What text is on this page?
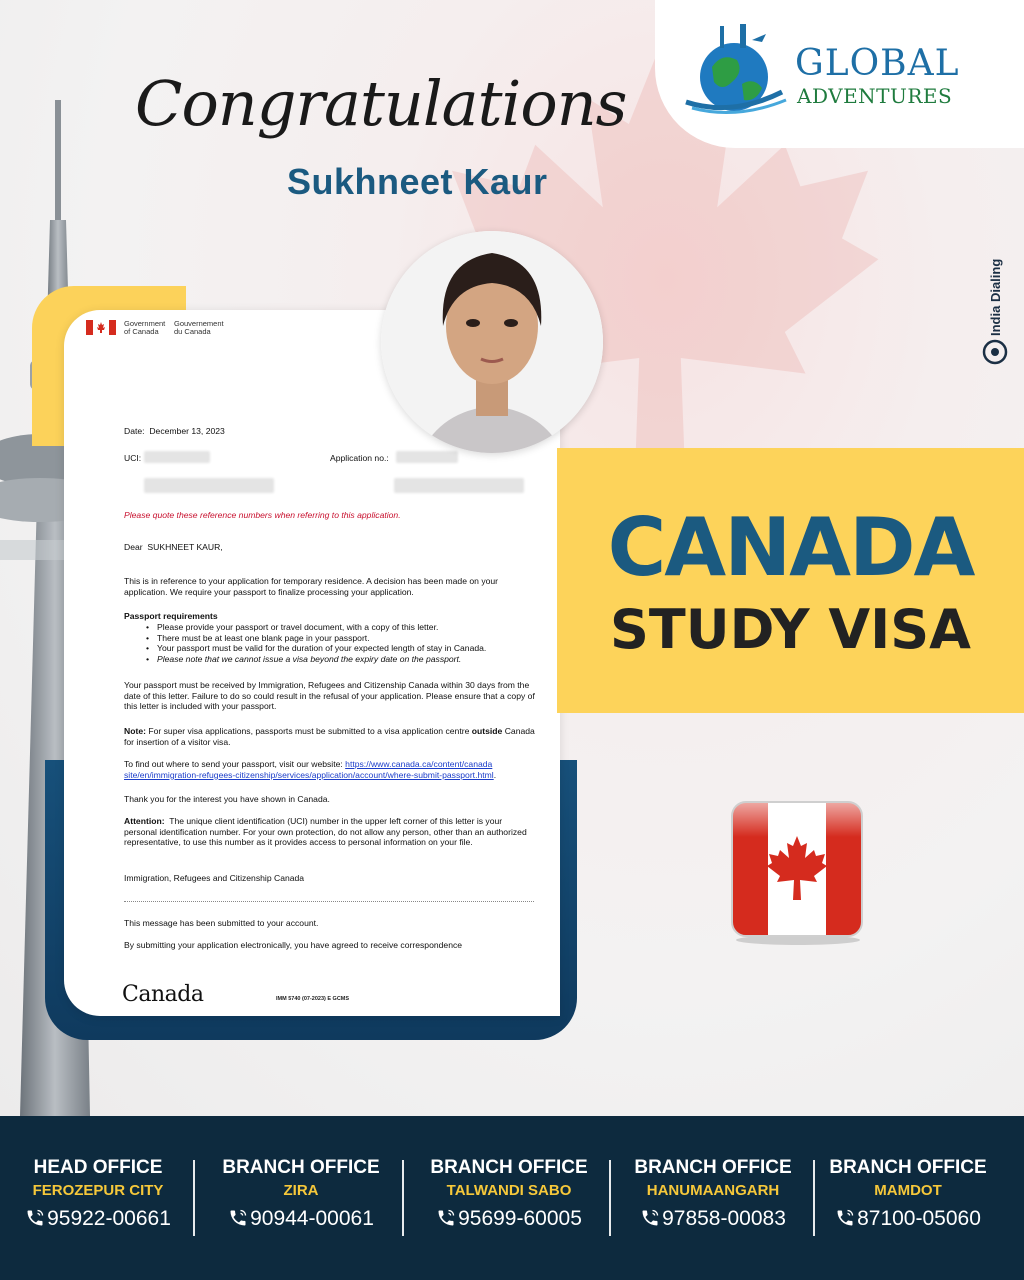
GLOBAL
ADVENTURES
Congratulations
Sukhneet Kaur
India Dialing
Government
of Canada
Gouvernement
du Canada
Date: December 13, 2023
UCI:	Application no.:
Please quote these reference numbers when referring to this application.
Dear SUKHNEET KAUR,
This is in reference to your application for temporary residence. A decision has been made on your application. We require your passport to finalize processing your application.
Passport requirements
• Please provide your passport or travel document, with a copy of this letter.
• There must be at least one blank page in your passport.
• Your passport must be valid for the duration of your expected length of stay in Canada.
• Please note that we cannot issue a visa beyond the expiry date on the passport.
Your passport must be received by Immigration, Refugees and Citizenship Canada within 30 days from the date of this letter. Failure to do so could result in the refusal of your application. Please ensure that a copy of this letter is included with your passport.
Note: For super visa applications, passports must be submitted to a visa application centre outside Canada for insertion of a visitor visa.
To find out where to send your passport, visit our website: https://www.canada.ca/content/canada
site/en/immigration-refugees-citizenship/services/application/account/where-submit-passport.html.
Thank you for the interest you have shown in Canada.
Attention: The unique client identification (UCI) number in the upper left corner of this letter is your personal identification number. For your own protection, do not allow any person, other than an authorized representative, to use this number as it provides access to personal information on your file.
Immigration, Refugees and Citizenship Canada
This message has been submitted to your account.
By submitting your application electronically, you have agreed to receive correspondence
Canada	IMM 5740 (07-2023) E GCMS
CANADA
STUDY VISA
HEAD OFFICE
FEROZEPUR CITY
95922-00661
BRANCH OFFICE
ZIRA
90944-00061
BRANCH OFFICE
TALWANDI SABO
95699-60005
BRANCH OFFICE
HANUMAANGARH
97858-00083
BRANCH OFFICE
MAMDOT
87100-05060
